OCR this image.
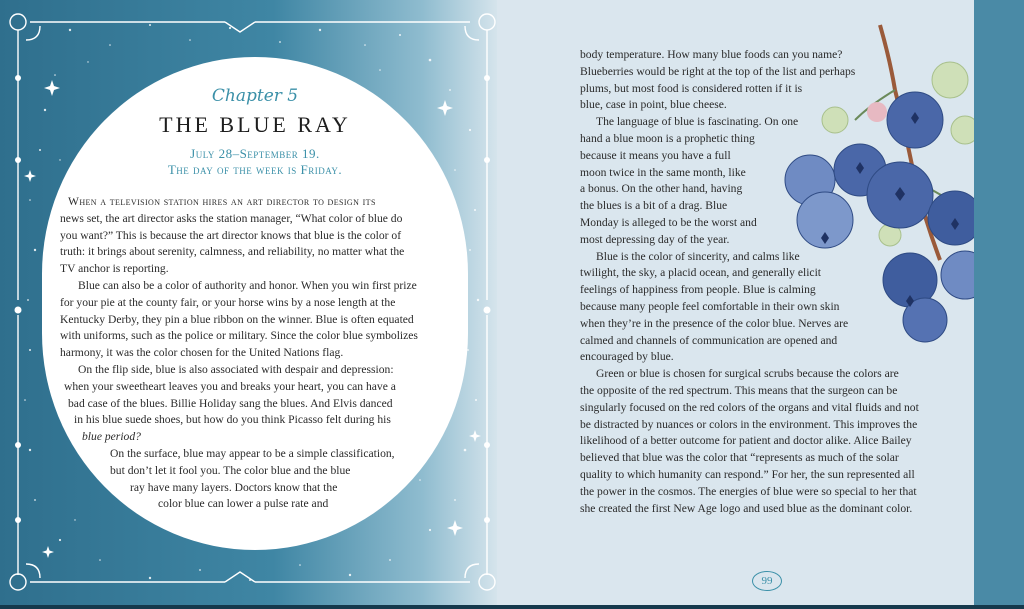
Chapter 5

THE BLUE RAY
July 28–September 19.
The day of the week is Friday.
When a television station hires an art director to design its
news set, the art director asks the station manager, “What color of blue do
you want?” This is because the art director knows that blue is the color of
truth: it brings about serenity, calmness, and reliability, no matter what the
TV anchor is reporting.
Blue can also be a color of authority and honor. When you win first prize
for your pie at the county fair, or your horse wins by a nose length at the
Kentucky Derby, they pin a blue ribbon on the winner. Blue is often equated
with uniforms, such as the police or military. Since the color blue symbolizes
harmony, it was the color chosen for the United Nations flag.
On the flip side, blue is also associated with despair and depression:
when your sweetheart leaves you and breaks your heart, you can have a
bad case of the blues. Billie Holiday sang the blues. And Elvis danced
in his blue suede shoes, but how do you think Picasso felt during his
blue period?
On the surface, blue may appear to be a simple classification,
but don’t let it fool you. The color blue and the blue
ray have many layers. Doctors know that the
color blue can lower a pulse rate and
body temperature. How many blue foods can you name?
Blueberries would be right at the top of the list and perhaps
plums, but most food is considered rotten if it is
blue, case in point, blue cheese.
The language of blue is fascinating. On one
hand a blue moon is a prophetic thing
because it means you have a full
moon twice in the same month, like
a bonus. On the other hand, having
the blues is a bit of a drag. Blue
Monday is alleged to be the worst and
most depressing day of the year.
Blue is the color of sincerity, and calms like
twilight, the sky, a placid ocean, and generally elicit
feelings of happiness from people. Blue is calming
because many people feel comfortable in their own skin
when they’re in the presence of the color blue. Nerves are
calmed and channels of communication are opened and
encouraged by blue.
Green or blue is chosen for surgical scrubs because the colors are
the opposite of the red spectrum. This means that the surgeon can be
singularly focused on the red colors of the organs and vital fluids and not
be distracted by nuances or colors in the environment. This improves the
likelihood of a better outcome for patient and doctor alike. Alice Bailey
believed that blue was the color that “represents as much of the solar
quality to which humanity can respond.” For her, the sun represented all
the power in the cosmos. The energies of blue were so special to her that
she created the first New Age logo and used blue as the dominant color.
99
